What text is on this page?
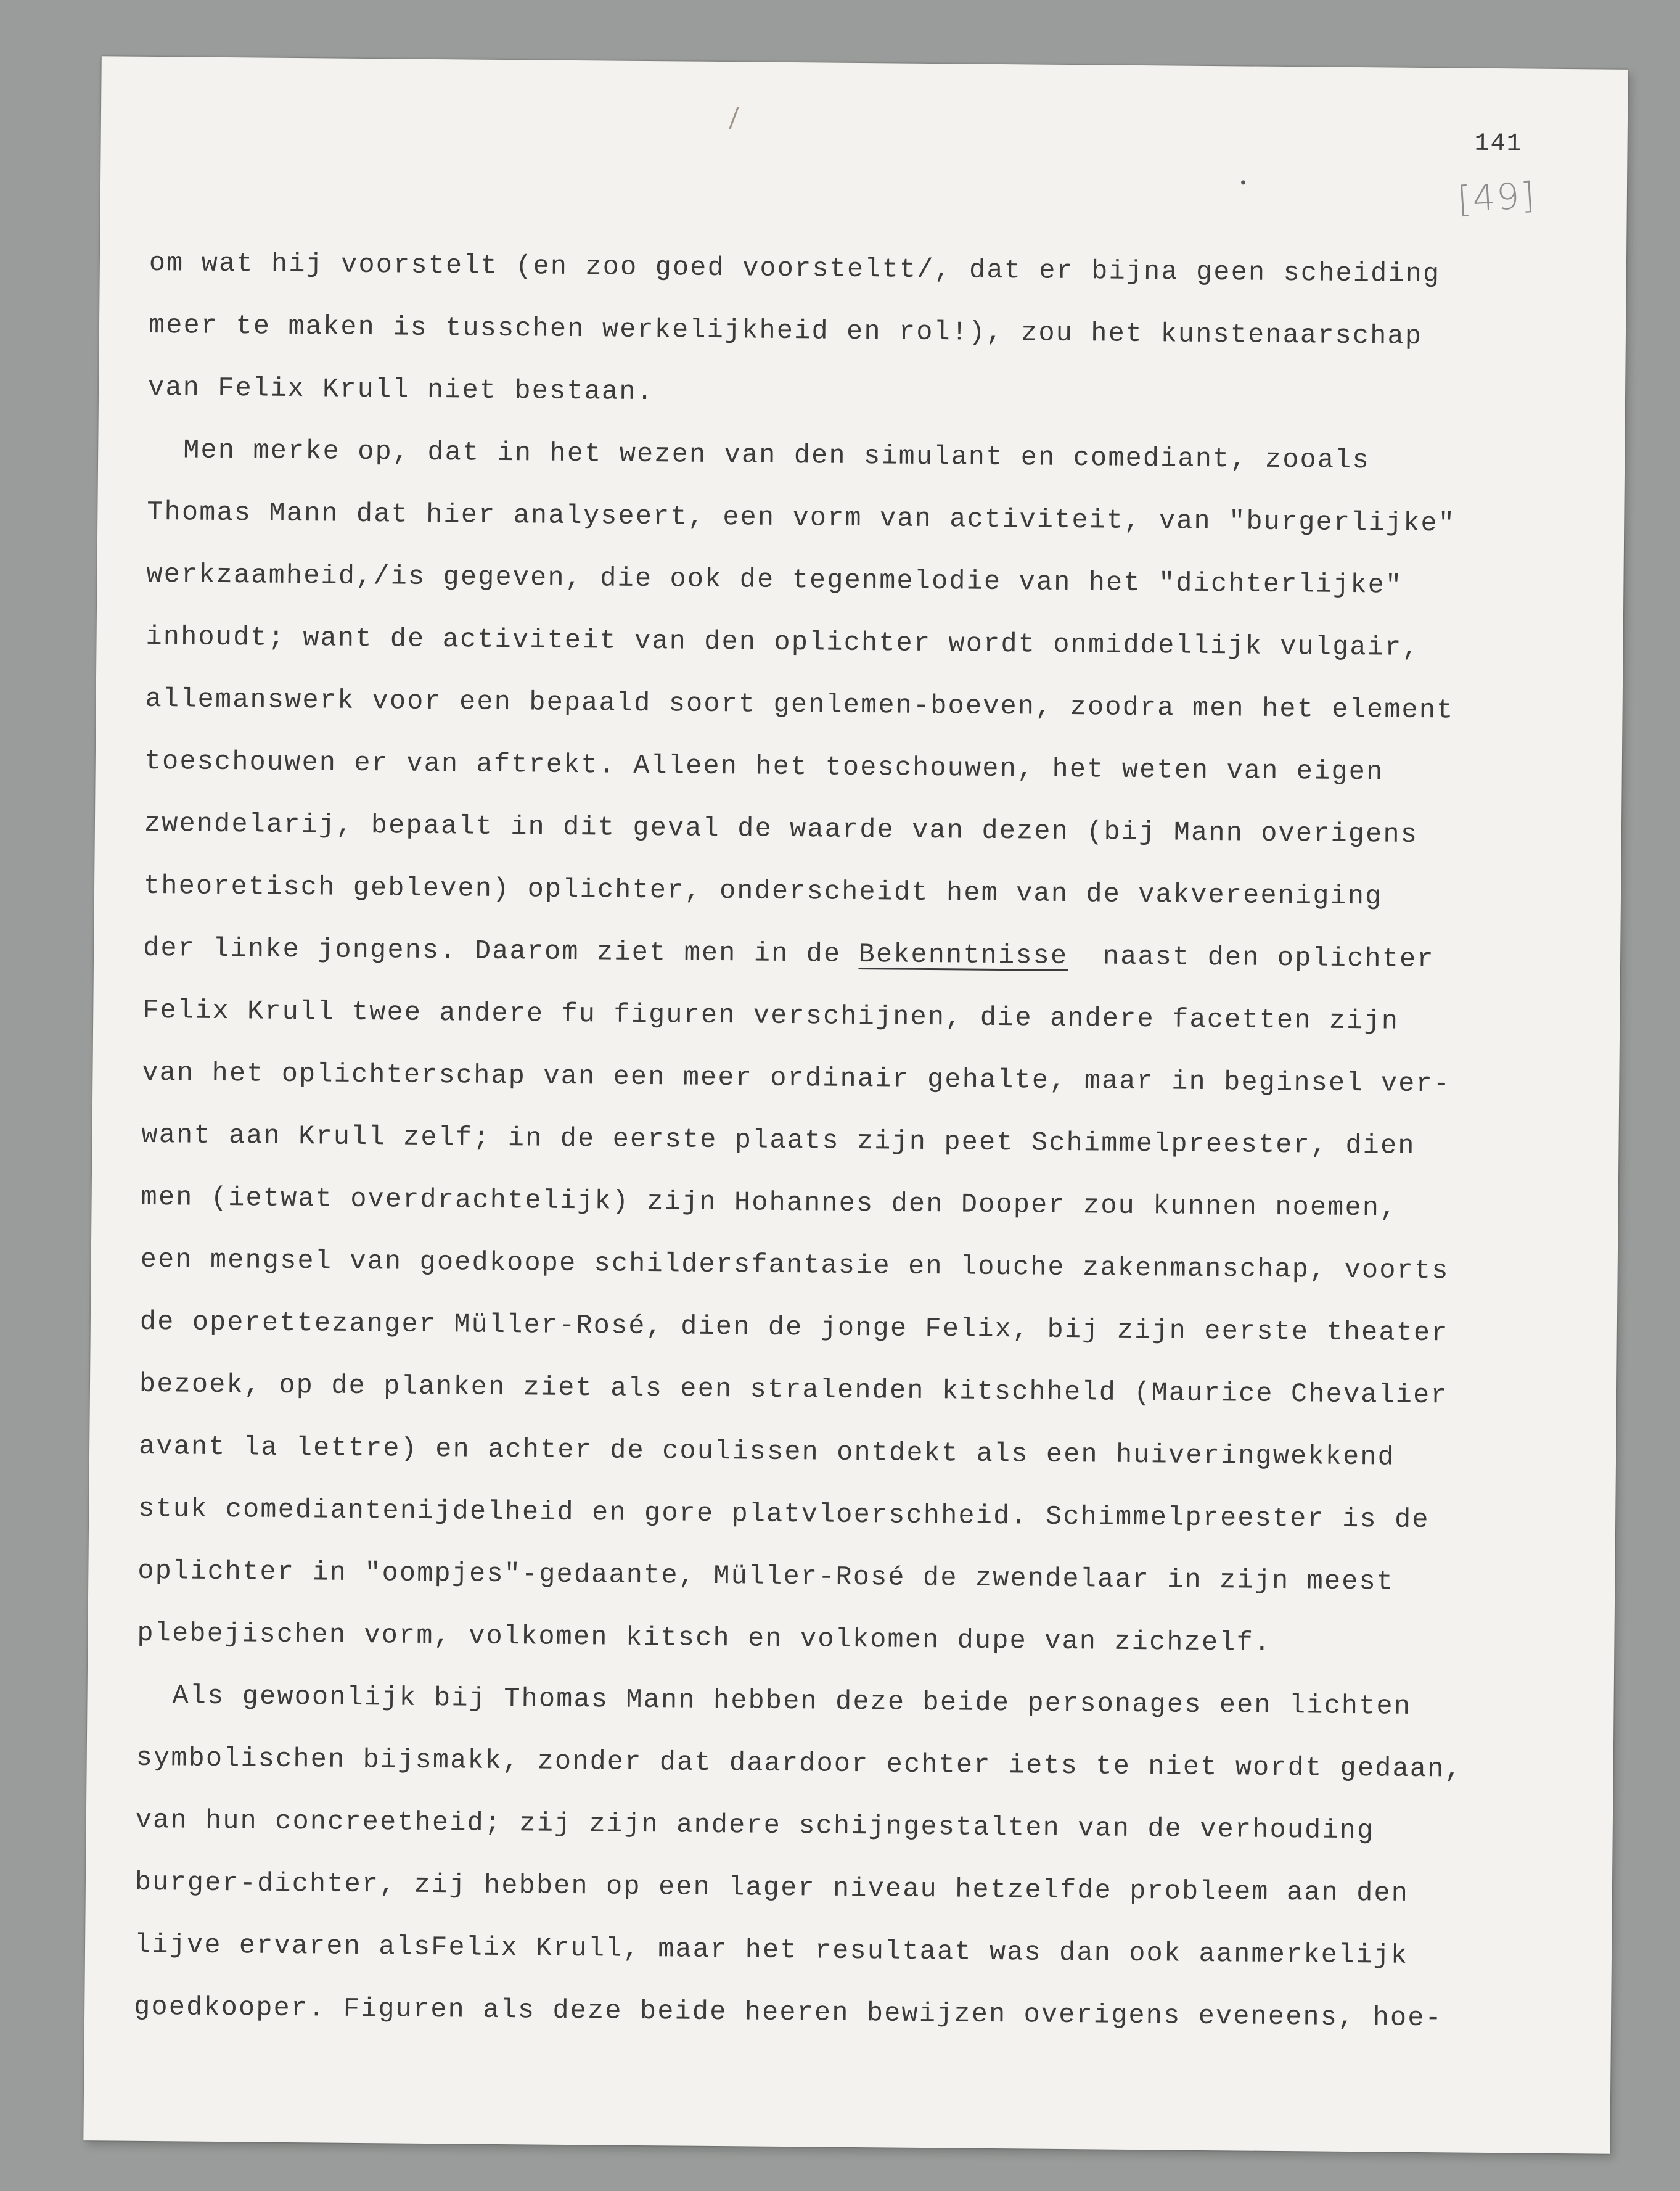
141
[49]
om wat hij voorstelt (en zoo goed voorsteltt/, dat er bijna geen scheiding
meer te maken is tusschen werkelijkheid en rol!), zou het kunstenaarschap
van Felix Krull niet bestaan.
Men merke op, dat in het wezen van den simulant en comediant, zooals
Thomas Mann dat hier analyseert, een vorm van activiteit, van "burgerlijke"
werkzaamheid,/is gegeven, die ook de tegenmelodie van het "dichterlijke"
inhoudt; want de activiteit van den oplichter wordt onmiddellijk vulgair,
allemanswerk voor een bepaald soort genlemen-boeven, zoodra men het element
toeschouwen er van aftrekt. Alleen het toeschouwen, het weten van eigen
zwendelarij, bepaalt in dit geval de waarde van dezen (bij Mann overigens
theoretisch gebleven) oplichter, onderscheidt hem van de vakvereeniging
der linke jongens. Daarom ziet men in de Bekenntnisse  naast den oplichter
Felix Krull twee andere fu figuren verschijnen, die andere facetten zijn
van het oplichterschap van een meer ordinair gehalte, maar in beginsel ver-
want aan Krull zelf; in de eerste plaats zijn peet Schimmelpreester, dien
men (ietwat overdrachtelijk) zijn Hohannes den Dooper zou kunnen noemen,
een mengsel van goedkoope schildersfantasie en louche zakenmanschap, voorts
de operettezanger Müller-Rosé, dien de jonge Felix, bij zijn eerste theater
bezoek, op de planken ziet als een stralenden kitschheld (Maurice Chevalier
avant la lettre) en achter de coulissen ontdekt als een huiveringwekkend
stuk comediantenijdelheid en gore platvloerschheid. Schimmelpreester is de
oplichter in "oompjes"-gedaante, Müller-Rosé de zwendelaar in zijn meest
plebejischen vorm, volkomen kitsch en volkomen dupe van zichzelf.
Als gewoonlijk bij Thomas Mann hebben deze beide personages een lichten
symbolischen bijsmakk, zonder dat daardoor echter iets te niet wordt gedaan,
van hun concreetheid; zij zijn andere schijngestalten van de verhouding
burger-dichter, zij hebben op een lager niveau hetzelfde probleem aan den
lijve ervaren alsFelix Krull, maar het resultaat was dan ook aanmerkelijk
goedkooper. Figuren als deze beide heeren bewijzen overigens eveneens, hoe-
